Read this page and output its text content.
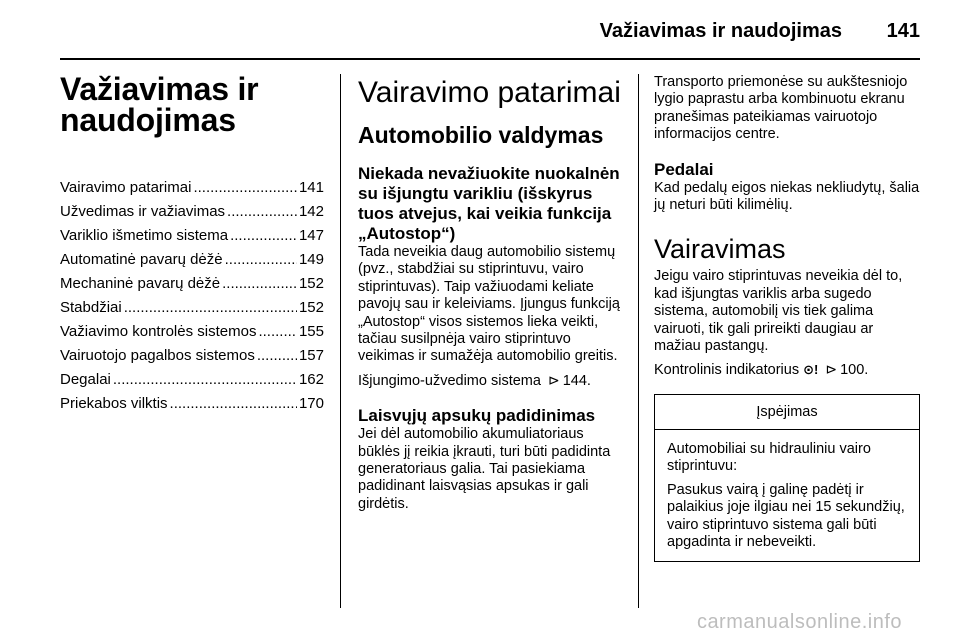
Važiavimas ir naudojimas 141
Važiavimas ir naudojimas
Vairavimo patarimai .....	141
Užvedimas ir važiavimas .....	142
Variklio išmetimo sistema .....	147
Automatinė pavarų dėžė .....	149
Mechaninė pavarų dėžė .....	152
Stabdžiai .....	152
Važiavimo kontrolės sistemos .....	155
Vairuotojo pagalbos sistemos .....	157
Degalai .....	162
Priekabos vilktis .....	170
Vairavimo patarimai
Automobilio valdymas
Niekada nevažiuokite nuokalnėn su išjungtu varikliu (išskyrus tuos atvejus, kai veikia funkcija „Autostop“)

Tada neveikia daug automobilio sistemų (pvz., stabdžiai su stiprintuvu, vairo stiprintuvas). Taip važiuodami keliate pavojų sau ir keleiviams. Įjungus funkciją „Autostop“ visos sistemos lieka veikti, tačiau susilpnėja vairo stiprintuvo veikimas ir sumažėja automobilio greitis.

Išjungimo-užvedimo sistema ⊳ 144.

Laisvųjų apsukų padidinimas

Jei dėl automobilio akumuliatoriaus būklės jį reikia įkrauti, turi būti padidinta generatoriaus galia. Tai pasiekiama padidinant laisvąsias apsukas ir gali girdėtis.

Transporto priemonėse su aukštesniojo lygio paprastu arba kombinuotu ekranu pranešimas pateikiamas vairuotojo informacijos centre.

Pedalai

Kad pedalų eigos niekas nekliudytų, šalia jų neturi būti kilimėlių.

Vairavimas

Jeigu vairo stiprintuvas neveikia dėl to, kad išjungtas variklis arba sugedo sistema, automobilį vis tiek galima vairuoti, tik gali prireikti daugiau ar mažiau pastangų.

Kontrolinis indikatorius ⊙! ⊳ 100.

Įspėjimas

Automobiliai su hidrauliniu vairo stiprintuvu:

Pasukus vairą į galinę padėtį ir palaikius joje ilgiau nei 15 sekundžių, vairo stiprintuvo sistema gali būti apgadinta ir nebeveikti.

carmanualsonline.info
